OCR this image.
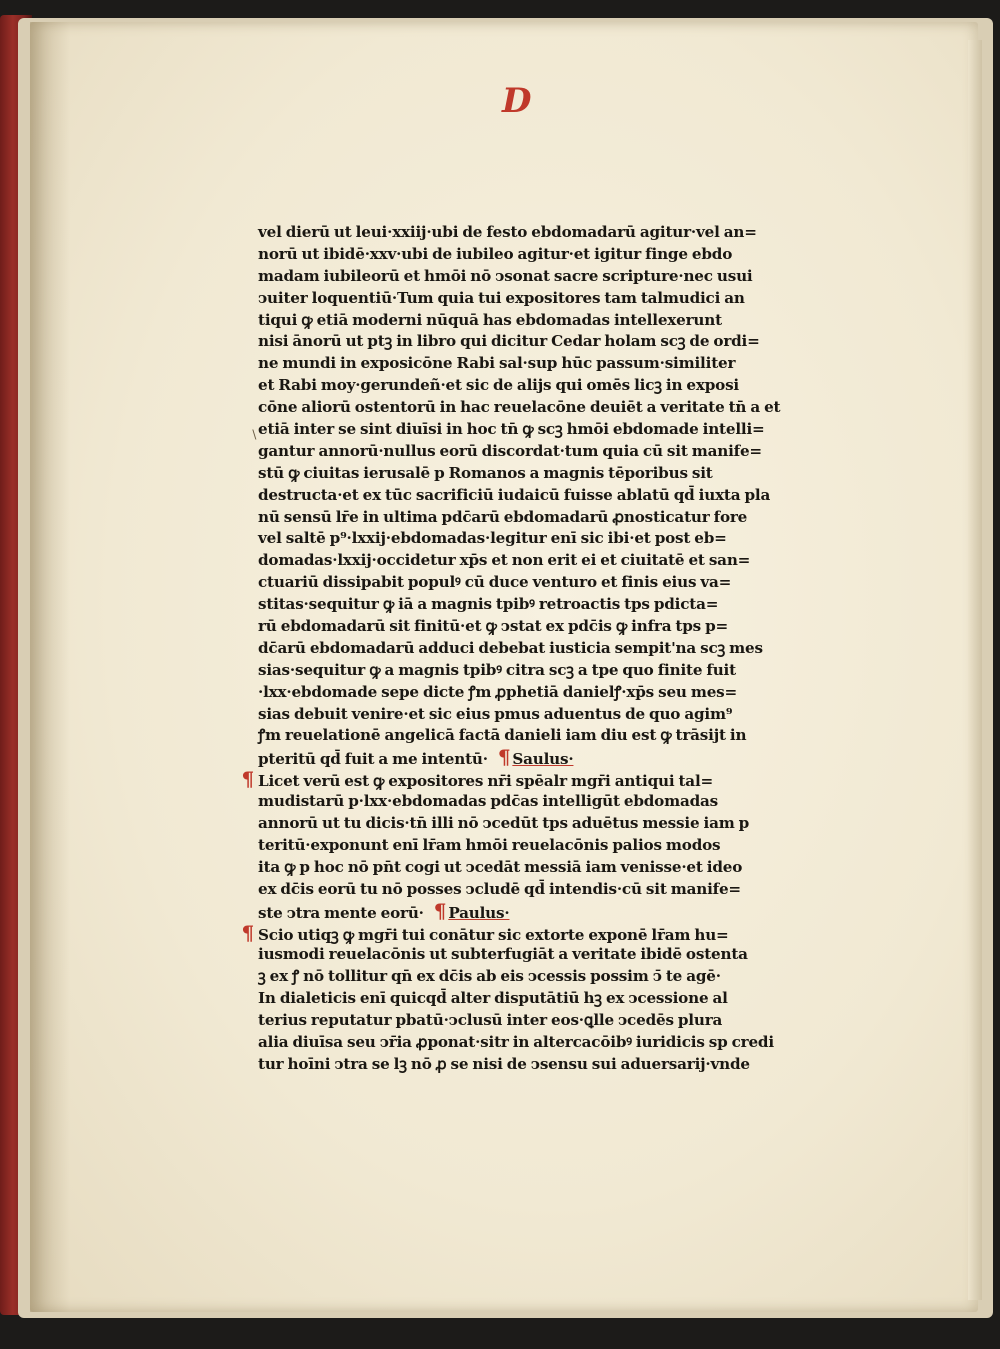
D
∖
vel dierū ut leui·xxiij·ubi de festo ebdomadarū agitur·vel an=
norū ut ibidē·xxv·ubi de iubileo agitur·et igitur finge ebdo
madam iubileorū et hmōi nō ↄsonat sacre scripture·nec usui
ↄuiter loquentiū·Tum quia tui expositores tam talmudici an
tiqui ꝙ etiā moderni nūquā has ebdomadas intellexerunt
nisi ānorū ut ptꝫ in libro qui dicitur Cedar holam scꝫ de ordi=
ne mundi in exposicōne Rabi sal·sup hūc passum·similiter
et Rabi moy·gerundeñ·et sic de alijs qui omēs licꝫ in exposi
cōne aliorū ostentorū in hac reuelacōne deuiēt a veritate tn̄ a et
etiā inter se sint diuīsi in hoc tn̄ ꝙ scꝫ hmōi ebdomade intelli=
gantur annorū·nullus eorū discordat·tum quia cū sit manife=
stū ꝙ ciuitas ierusalē p Romanos a magnis tēporibus sit
destructa·et ex tūc sacrificiū iudaicū fuisse ablatū qd̄ iuxta pla
nū sensū lr̄e in ultima pdc̄arū ebdomadarū ꝓnosticatur fore
vel saltē p⁹·lxxij·ebdomadas·legitur enī sic ibi·et post eb=
domadas·lxxij·occidetur xp̄s et non erit ei et ciuitatē et san=
ctuariū dissipabit populꝰ cū duce venturo et finis eius va=
stitas·sequitur ꝙ iā a magnis tpibꝰ retroactis tps pdicta=
rū ebdomadarū sit finitū·et ꝙ ↄstat ex pdc̄is ꝙ infra tps p=
dc̄arū ebdomadarū adduci debebat iusticia sempit'na scꝫ mes
sias·sequitur ꝙ a magnis tpibꝰ citra scꝫ a tpe quo finite fuit
·lxx·ebdomade sepe dicte ꝭm ꝓphetiā danielꝭ·xp̄s seu mes=
sias debuit venire·et sic eius pmus aduentus de quo agim⁹
ꝭm reuelationē angelicā factā danieli iam diu est ꝙ trāsijt in
pteritū qd̄ fuit a me intentū· ¶ Saulus·
¶ Licet verū est ꝙ expositores nr̄i spēalr mgr̄i antiqui tal=
mudistarū p·lxx·ebdomadas pdc̄as intelligūt ebdomadas
annorū ut tu dicis·tn̄ illi nō ↄcedūt tps aduētus messie iam p
teritū·exponunt enī lr̄am hmōi reuelacōnis palios modos
ita ꝙ p hoc nō pn̄t cogi ut ↄcedāt messiā iam venisse·et ideo
ex dc̄is eorū tu nō posses ↄcludē qd̄ intendis·cū sit manife=
ste ↄtra mente eorū· ¶ Paulus·
¶ Scio utiqꝫ ꝙ mgr̄i tui conātur sic extorte exponē lr̄am hu=
iusmodi reuelacōnis ut subterfugiāt a veritate ibidē ostenta
ꝫ ex ꝭ nō tollitur qn̄ ex dc̄is ab eis ↄcessis possim ↄ̄ te agē·
In dialeticis enī quicqd̄ alter disputātiū hꝫ ex ↄcessione al
terius reputatur pbatū·ↄclusū inter eos·ꝗlle ↄcedēs plura
alia diuīsa seu ↄr̄ia ꝓponat·sitr in altercacōibꝰ iuridicis sp credi
tur hoīni ↄtra se lꝫ nō ꝓ se nisi de ↄsensu sui aduersarij·vnde
